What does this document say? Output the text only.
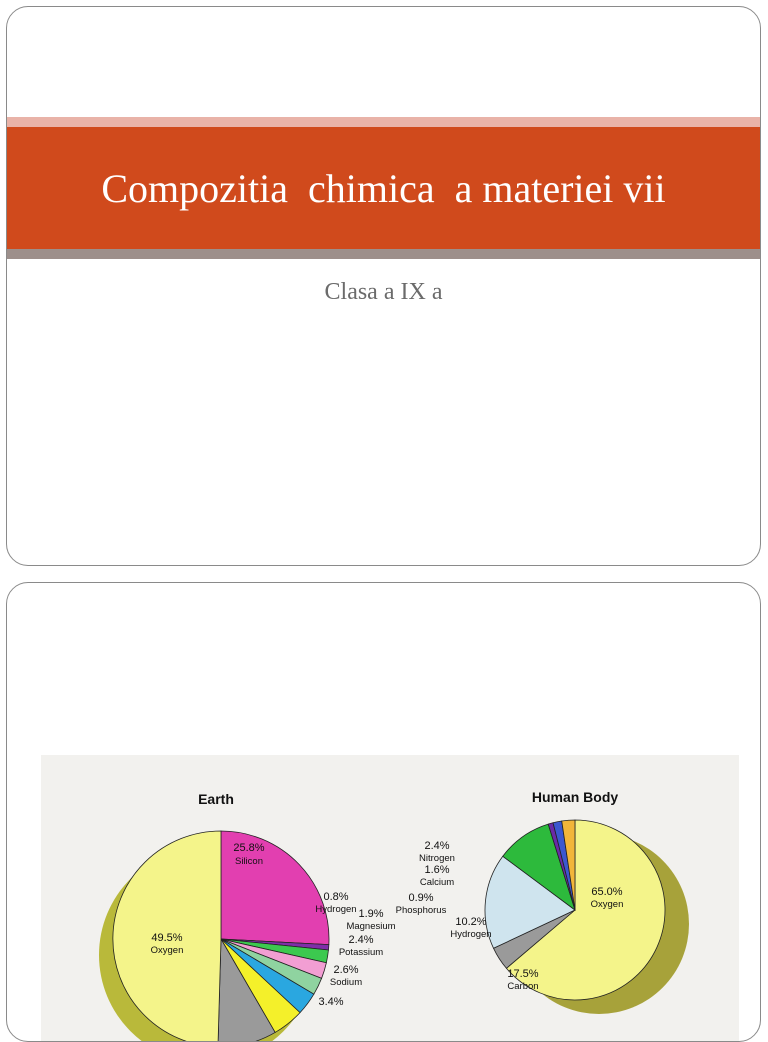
Compozitia  chimica  a materiei vii
Clasa a IX a
Earth	Human Body
25.8%
Silicon
0.8%
Hydrogen 1.9%
Magnesium
2.4%
Potassium
2.6%
Sodium
3.4%
49.5%
Oxygen
65.0%
Oxygen
17.5%
Carbon
10.2%
Hydrogen
0.9%
Phosphorus
1.6%
Calcium
2.4%
Nitrogen
